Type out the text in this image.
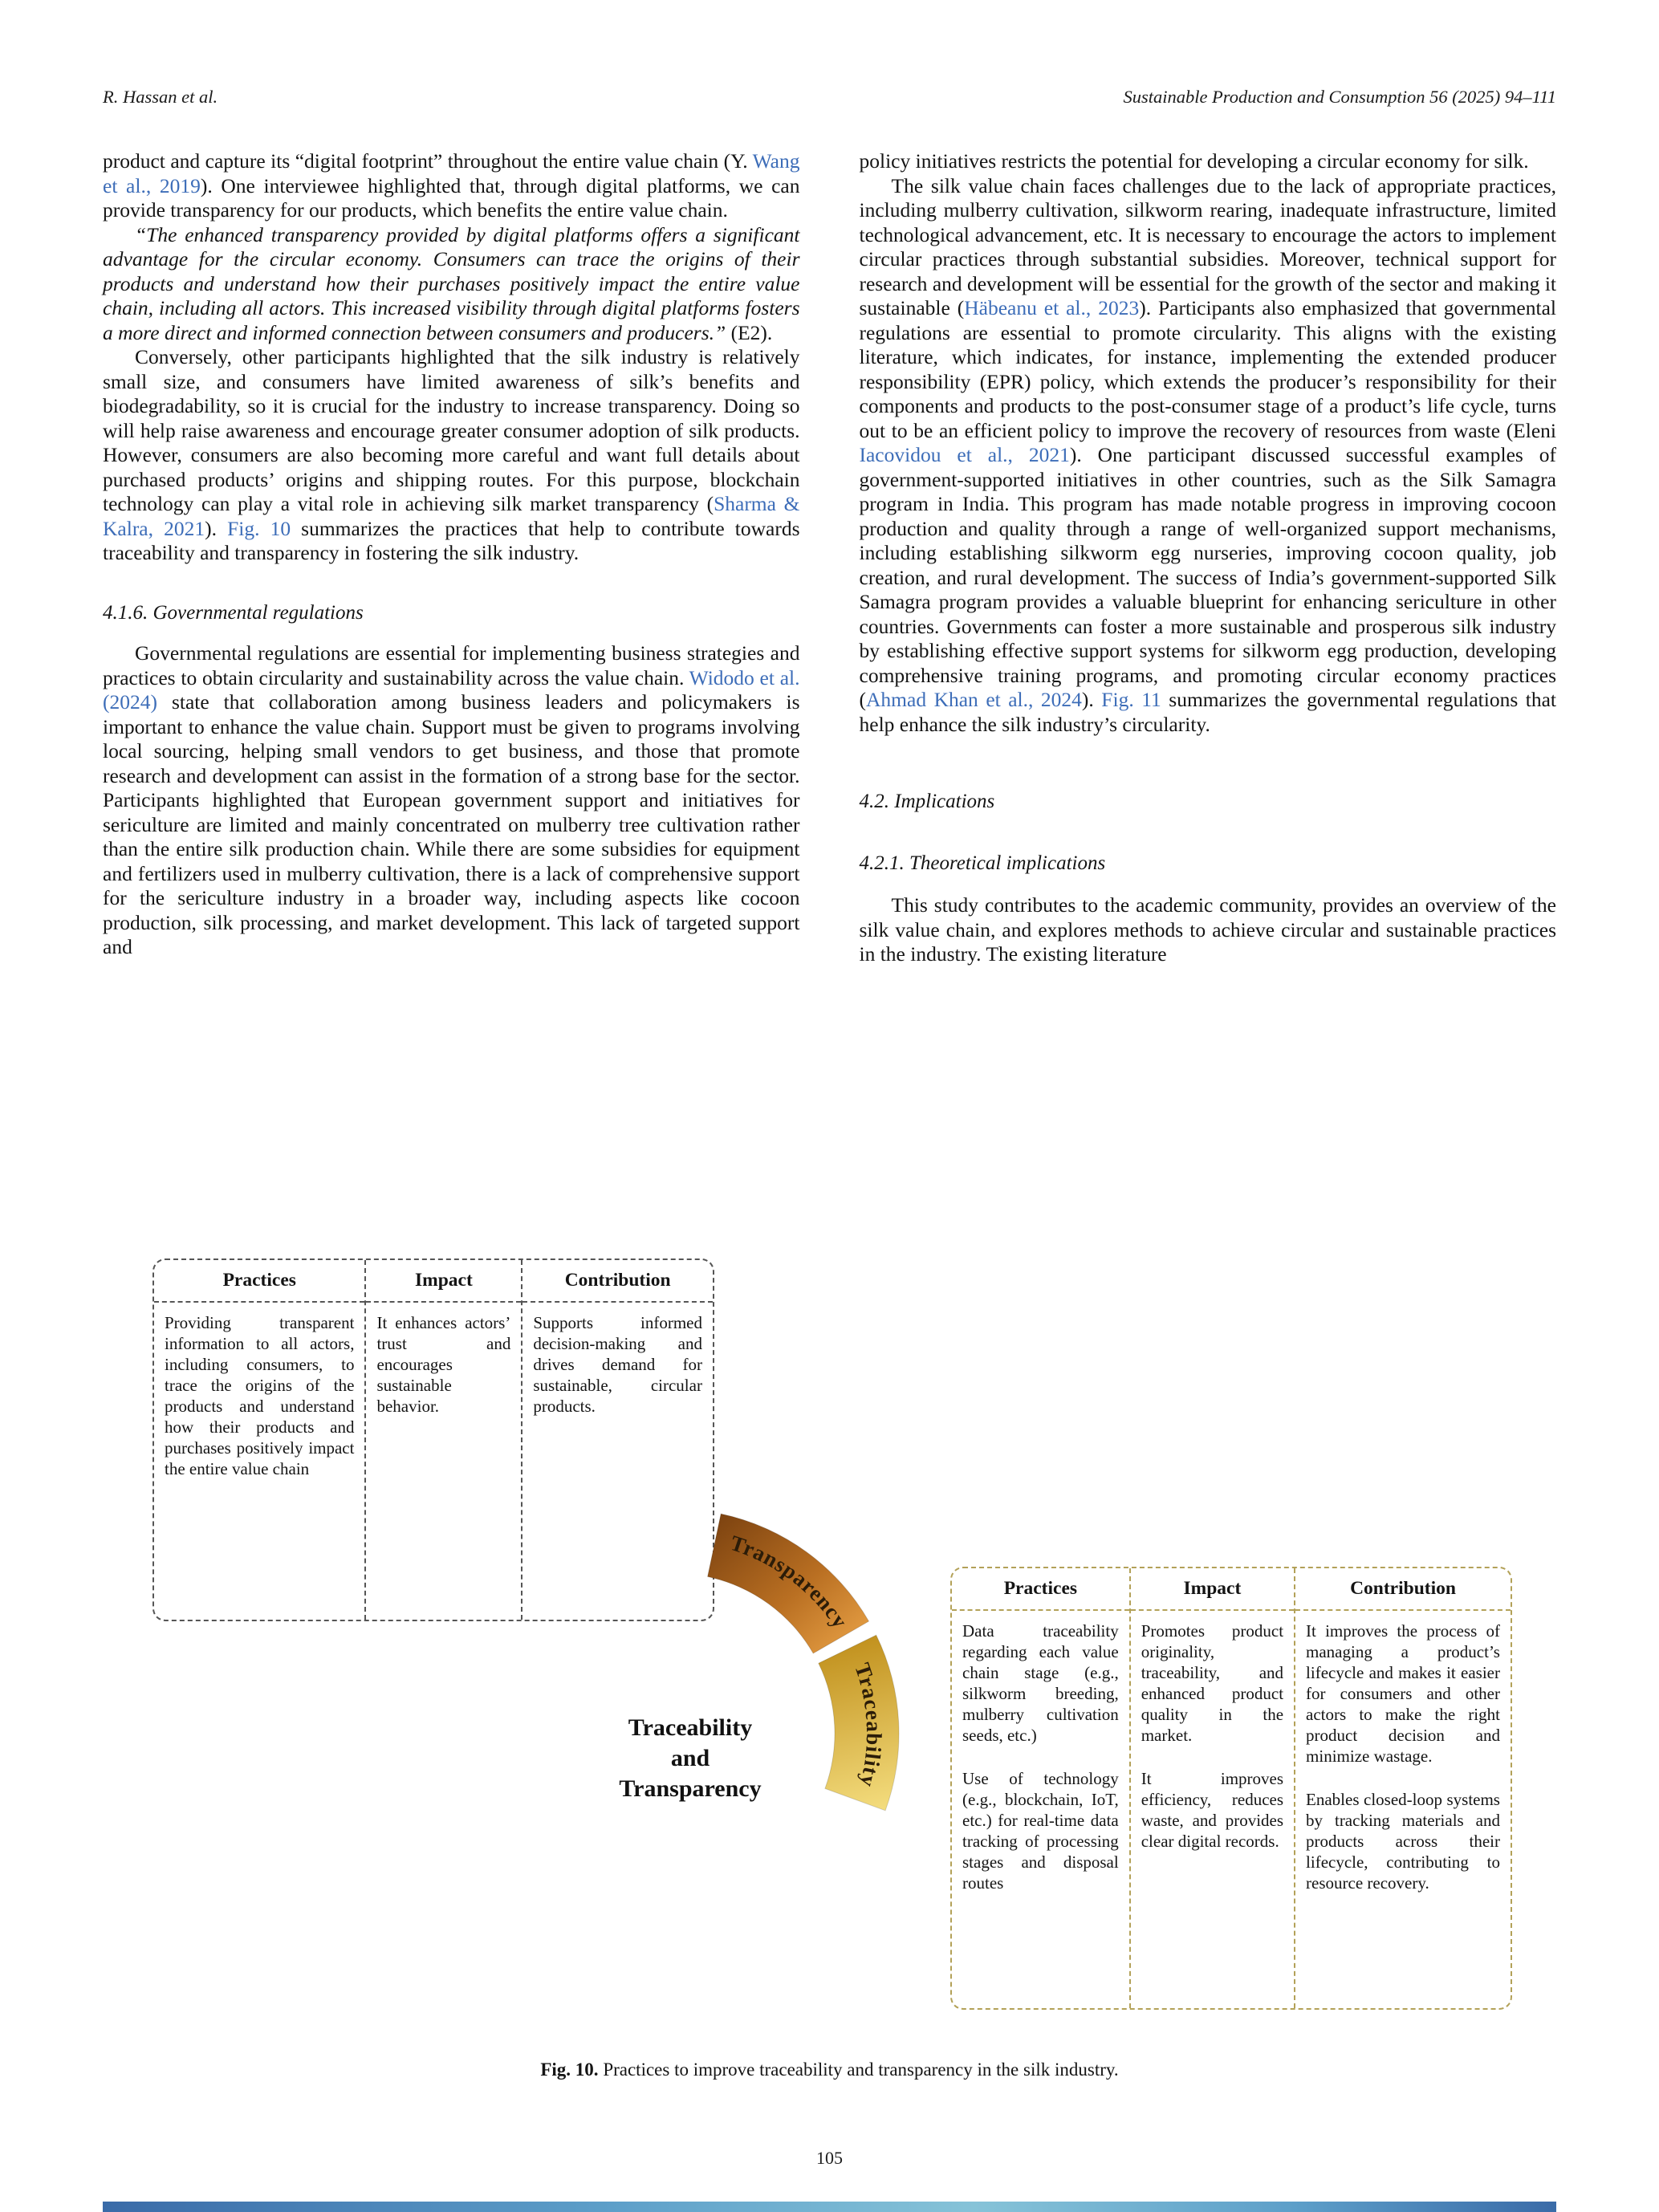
R. Hassan et al.	Sustainable Production and Consumption 56 (2025) 94–111

product and capture its “digital footprint” throughout the entire value chain (Y. Wang et al., 2019). One interviewee highlighted that, through digital platforms, we can provide transparency for our products, which benefits the entire value chain.

“The enhanced transparency provided by digital platforms offers a significant advantage for the circular economy. Consumers can trace the origins of their products and understand how their purchases positively impact the entire value chain, including all actors. This increased visibility through digital platforms fosters a more direct and informed connection between consumers and producers.” (E2).

Conversely, other participants highlighted that the silk industry is relatively small size, and consumers have limited awareness of silk’s benefits and biodegradability, so it is crucial for the industry to increase transparency. Doing so will help raise awareness and encourage greater consumer adoption of silk products. However, consumers are also becoming more careful and want full details about purchased products’ origins and shipping routes. For this purpose, blockchain technology can play a vital role in achieving silk market transparency (Sharma & Kalra, 2021). Fig. 10 summarizes the practices that help to contribute towards traceability and transparency in fostering the silk industry.

4.1.6. Governmental regulations

Governmental regulations are essential for implementing business strategies and practices to obtain circularity and sustainability across the value chain. Widodo et al. (2024) state that collaboration among business leaders and policymakers is important to enhance the value chain. Support must be given to programs involving local sourcing, helping small vendors to get business, and those that promote research and development can assist in the formation of a strong base for the sector. Participants highlighted that European government support and initiatives for sericulture are limited and mainly concentrated on mulberry tree cultivation rather than the entire silk production chain. While there are some subsidies for equipment and fertilizers used in mulberry cultivation, there is a lack of comprehensive support for the sericulture industry in a broader way, including aspects like cocoon production, silk processing, and market development. This lack of targeted support and

policy initiatives restricts the potential for developing a circular economy for silk.

The silk value chain faces challenges due to the lack of appropriate practices, including mulberry cultivation, silkworm rearing, inadequate infrastructure, limited technological advancement, etc. It is necessary to encourage the actors to implement circular practices through substantial subsidies. Moreover, technical support for research and development will be essential for the growth of the sector and making it sustainable (Häbeanu et al., 2023). Participants also emphasized that governmental regulations are essential to promote circularity. This aligns with the existing literature, which indicates, for instance, implementing the extended producer responsibility (EPR) policy, which extends the producer’s responsibility for their components and products to the post-consumer stage of a product’s life cycle, turns out to be an efficient policy to improve the recovery of resources from waste (Eleni Iacovidou et al., 2021). One participant discussed successful examples of government-supported initiatives in other countries, such as the Silk Samagra program in India. This program has made notable progress in improving cocoon production and quality through a range of well-organized support mechanisms, including establishing silkworm egg nurseries, improving cocoon quality, job creation, and rural development. The success of India’s government-supported Silk Samagra program provides a valuable blueprint for enhancing sericulture in other countries. Governments can foster a more sustainable and prosperous silk industry by establishing effective support systems for silkworm egg production, developing comprehensive training programs, and promoting circular economy practices (Ahmad Khan et al., 2024). Fig. 11 summarizes the governmental regulations that help enhance the silk industry’s circularity.

4.2. Implications
4.2.1. Theoretical implications

This study contributes to the academic community, provides an overview of the silk value chain, and explores methods to achieve circular and sustainable practices in the industry. The existing literature

Practices

Providing transparent information to all actors, including consumers, to trace the origins of the products and understand how their products and purchases positively impact the entire value chain

Impact

It enhances actors’ trust and encourages sustainable behavior.

Contribution

Supports informed decision-making and drives demand for sustainable, circular products.

Transparency
Traceability
Traceability
and
Transparency
Practices

Data traceability regarding each value chain stage (e.g., silkworm breeding, mulberry cultivation seeds, etc.)

Use of technology (e.g., blockchain, IoT, etc.) for real-time data tracking of processing stages and disposal routes

Impact

Promotes product originality, traceability, and enhanced product quality in the market.

It improves efficiency, reduces waste, and provides clear digital records.

Contribution

It improves the process of managing a product’s lifecycle and makes it easier for consumers and other actors to make the right product decision and minimize wastage.

Enables closed-loop systems by tracking materials and products across their lifecycle, contributing to resource recovery.

Fig. 10. Practices to improve traceability and transparency in the silk industry.
105
